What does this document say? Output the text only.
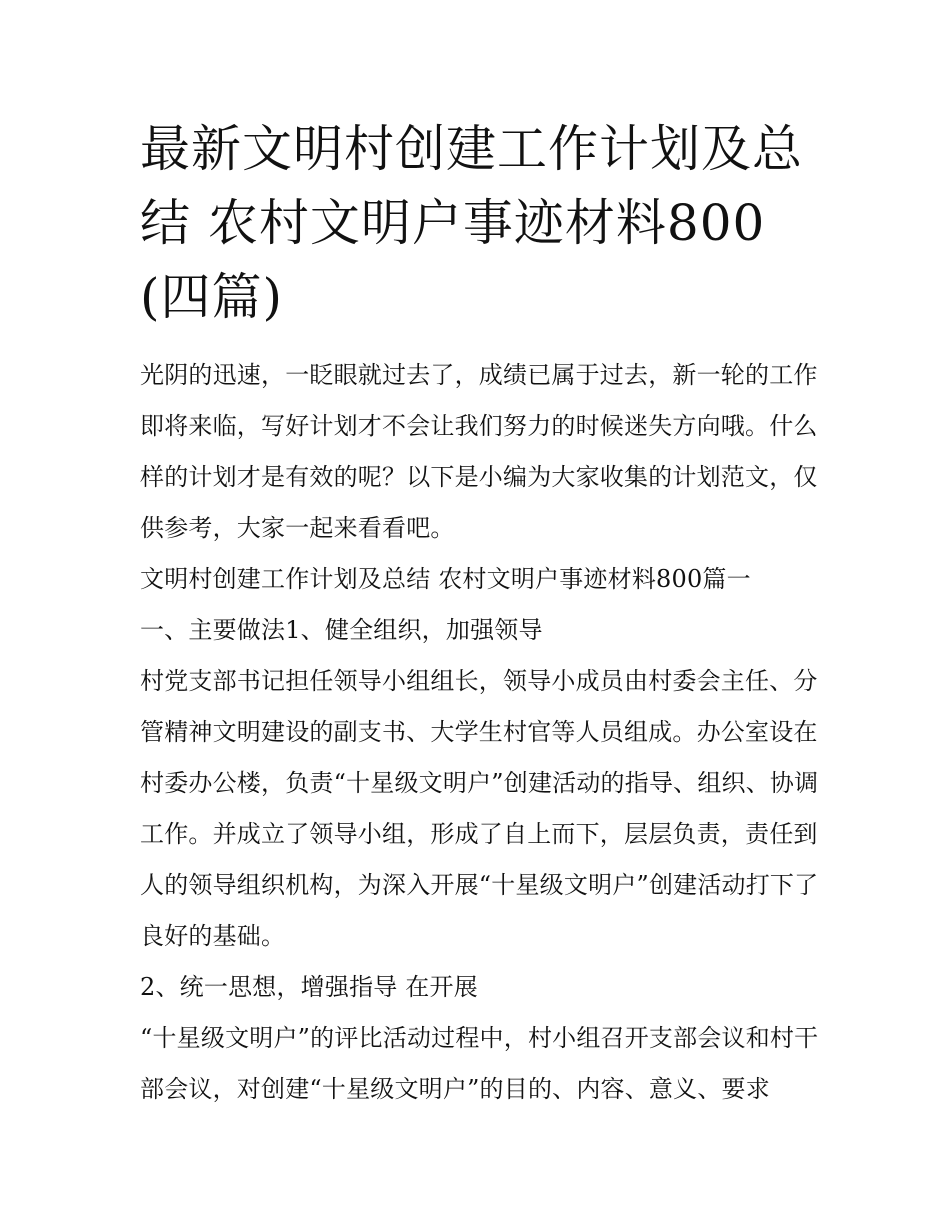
最新文明村创建工作计划及总结 农村文明户事迹材料800(四篇)

光阴的迅速，一眨眼就过去了，成绩已属于过去，新一轮的工作即将来临，写好计划才不会让我们努力的时候迷失方向哦。什么样的计划才是有效的呢？以下是小编为大家收集的计划范文，仅供参考，大家一起来看看吧。

文明村创建工作计划及总结 农村文明户事迹材料800篇一

一、主要做法1、健全组织，加强领导

村党支部书记担任领导小组组长，领导小成员由村委会主任、分管精神文明建设的副支书、大学生村官等人员组成。办公室设在村委办公楼，负责“十星级文明户”创建活动的指导、组织、协调工作。并成立了领导小组，形成了自上而下，层层负责，责任到人的领导组织机构，为深入开展“十星级文明户”创建活动打下了良好的基础。

2、统一思想，增强指导 在开展

“十星级文明户”的评比活动过程中，村小组召开支部会议和村干部会议，对创建“十星级文明户”的目的、内容、意义、要求
